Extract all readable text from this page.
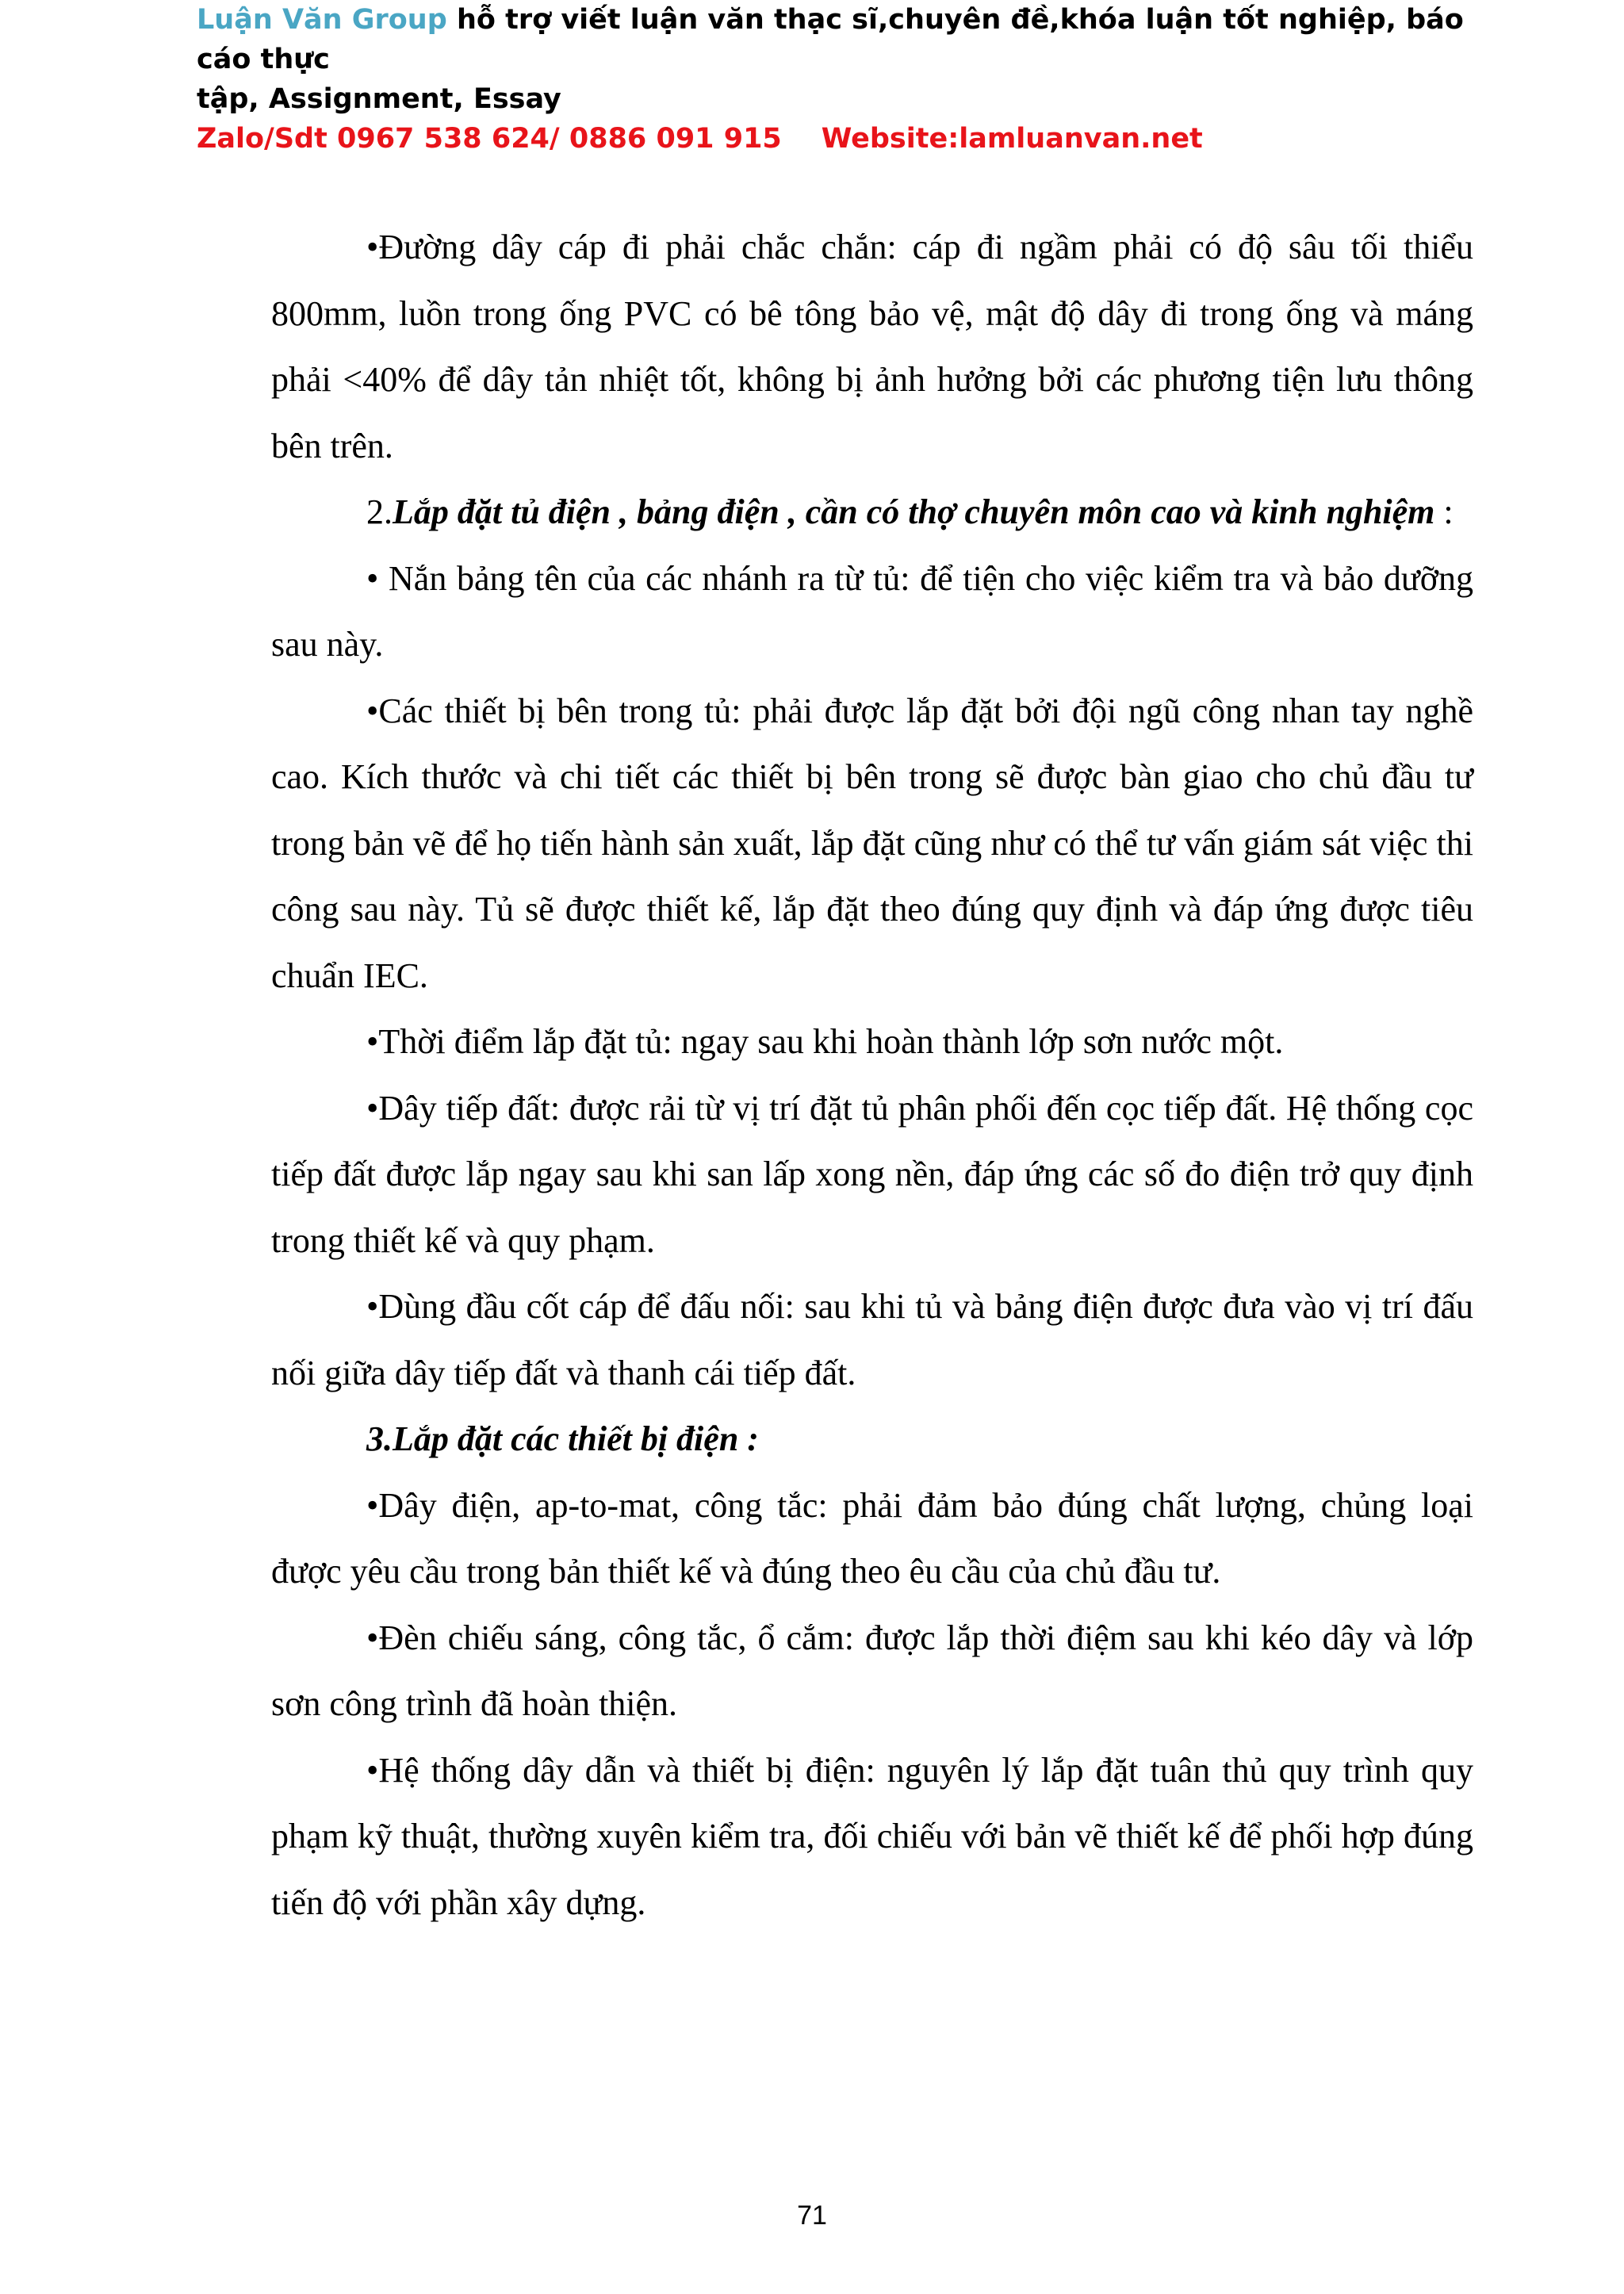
Luận Văn Group hỗ trợ viết luận văn thạc sĩ,chuyên đề,khóa luận tốt nghiệp, báo cáo thực
tập, Assignment, Essay
Zalo/Sdt 0967 538 624/ 0886 091 915 Website:lamluanvan.net

•Đường dây cáp đi phải chắc chắn: cáp đi ngầm phải có độ sâu tối thiểu 800mm, luồn trong ống PVC có bê tông bảo vệ, mật độ dây đi trong ống và máng phải <40% để dây tản nhiệt tốt, không bị ảnh hưởng bởi các phương tiện lưu thông bên trên.

2.Lắp đặt tủ điện , bảng điện , cần có thợ chuyên môn cao và kinh nghiệm :

• Nắn bảng tên của các nhánh ra từ tủ: để tiện cho việc kiểm tra và bảo dưỡng sau này.

•Các thiết bị bên trong tủ: phải được lắp đặt bởi đội ngũ công nhan tay nghề cao. Kích thước và chi tiết các thiết bị bên trong sẽ được bàn giao cho chủ đầu tư trong bản vẽ để họ tiến hành sản xuất, lắp đặt cũng như có thể tư vấn giám sát việc thi công sau này. Tủ sẽ được thiết kế, lắp đặt theo đúng quy định và đáp ứng được tiêu chuẩn IEC.

•Thời điểm lắp đặt tủ: ngay sau khi hoàn thành lớp sơn nước một.

•Dây tiếp đất: được rải từ vị trí đặt tủ phân phối đến cọc tiếp đất. Hệ thống cọc tiếp đất được lắp ngay sau khi san lấp xong nền, đáp ứng các số đo điện trở quy định trong thiết kế và quy phạm.

•Dùng đầu cốt cáp để đấu nối: sau khi tủ và bảng điện được đưa vào vị trí đấu nối giữa dây tiếp đất và thanh cái tiếp đất.

3.Lắp đặt các thiết bị điện :

•Dây điện, ap-to-mat, công tắc: phải đảm bảo đúng chất lượng, chủng loại được yêu cầu trong bản thiết kế và đúng theo êu cầu của chủ đầu tư.

•Đèn chiếu sáng, công tắc, ổ cắm: được lắp thời điệm sau khi kéo dây và lớp sơn công trình đã hoàn thiện.

•Hệ thống dây dẫn và thiết bị điện: nguyên lý lắp đặt tuân thủ quy trình quy phạm kỹ thuật, thường xuyên kiểm tra, đối chiếu với bản vẽ thiết kế để phối hợp đúng tiến độ với phần xây dựng.

71
